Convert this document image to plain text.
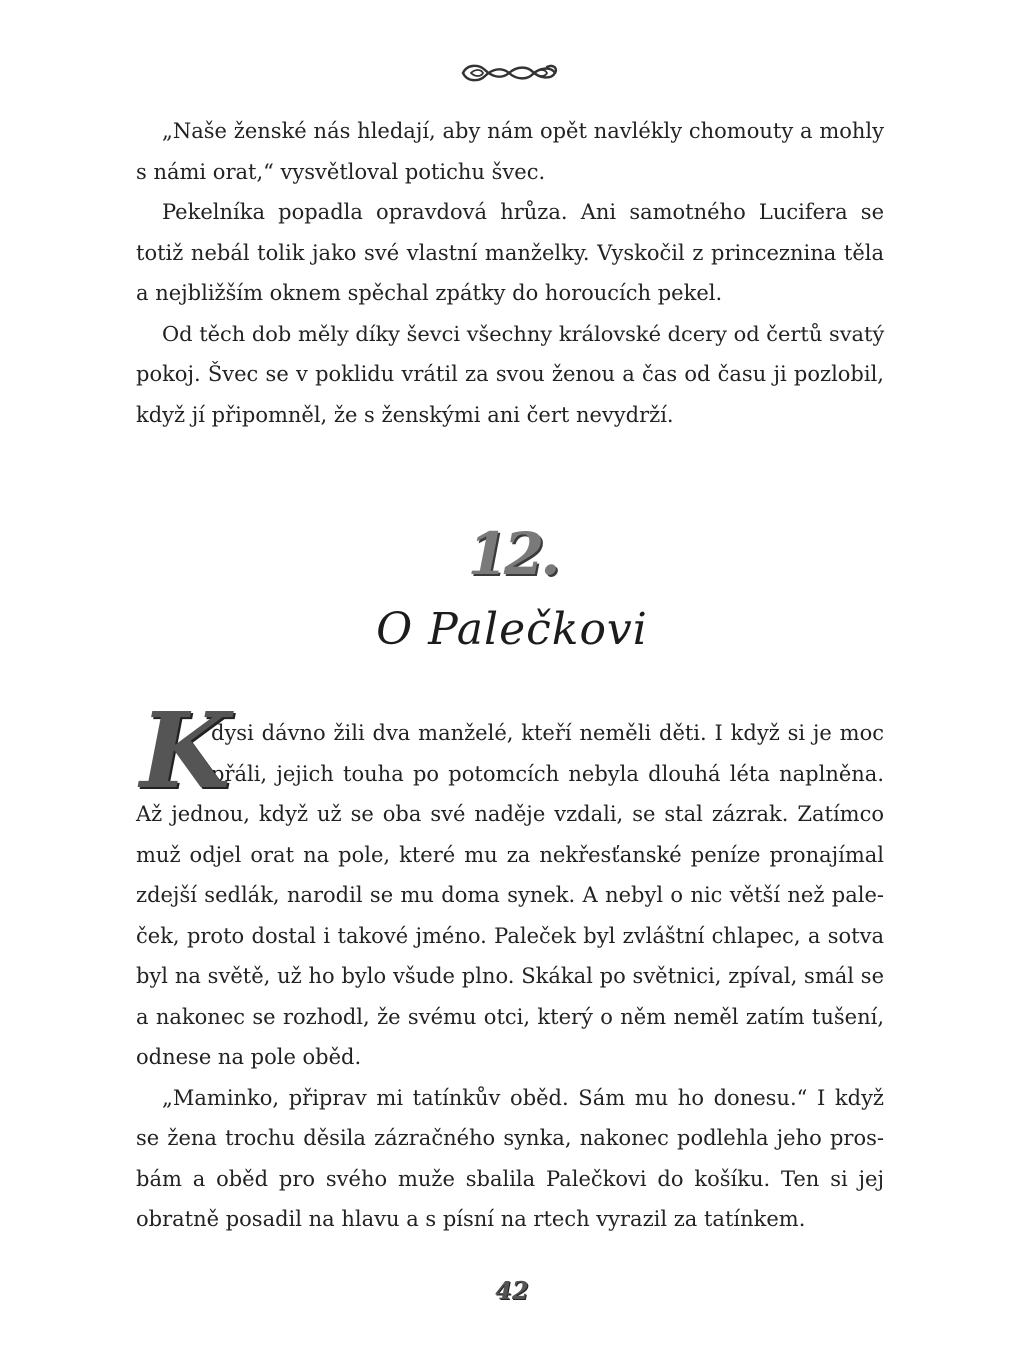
„Naše ženské nás hledají, aby nám opět navlékly chomouty a mohly
s námi orat,“ vysvětloval potichu švec.

Pekelníka popadla opravdová hrůza. Ani samotného Lucifera se
totiž nebál tolik jako své vlastní manželky. Vyskočil z princeznina těla
a nejbližším oknem spěchal zpátky do horoucích pekel.

Od těch dob měly díky ševci všechny královské dcery od čertů svatý
pokoj. Švec se v poklidu vrátil za svou ženou a čas od času ji pozlobil,
když jí připomněl, že s ženskými ani čert nevydrží.

12.
O Palečkovi
K

dysi dávno žili dva manželé, kteří neměli děti. I když si je moc
přáli, jejich touha po potomcích nebyla dlouhá léta naplněna.
Až jednou, když už se oba své naděje vzdali, se stal zázrak. Zatímco
muž odjel orat na pole, které mu za nekřesťanské peníze pronajímal
zdejší sedlák, narodil se mu doma synek. A nebyl o nic větší než pale-
ček, proto dostal i takové jméno. Paleček byl zvláštní chlapec, a sotva
byl na světě, už ho bylo všude plno. Skákal po světnici, zpíval, smál se
a nakonec se rozhodl, že svému otci, který o něm neměl zatím tušení,
odnese na pole oběd.

„Maminko, připrav mi tatínkův oběd. Sám mu ho donesu.“ I když
se žena trochu děsila zázračného synka, nakonec podlehla jeho pros-
bám a oběd pro svého muže sbalila Palečkovi do košíku. Ten si jej
obratně posadil na hlavu a s písní na rtech vyrazil za tatínkem.

42
